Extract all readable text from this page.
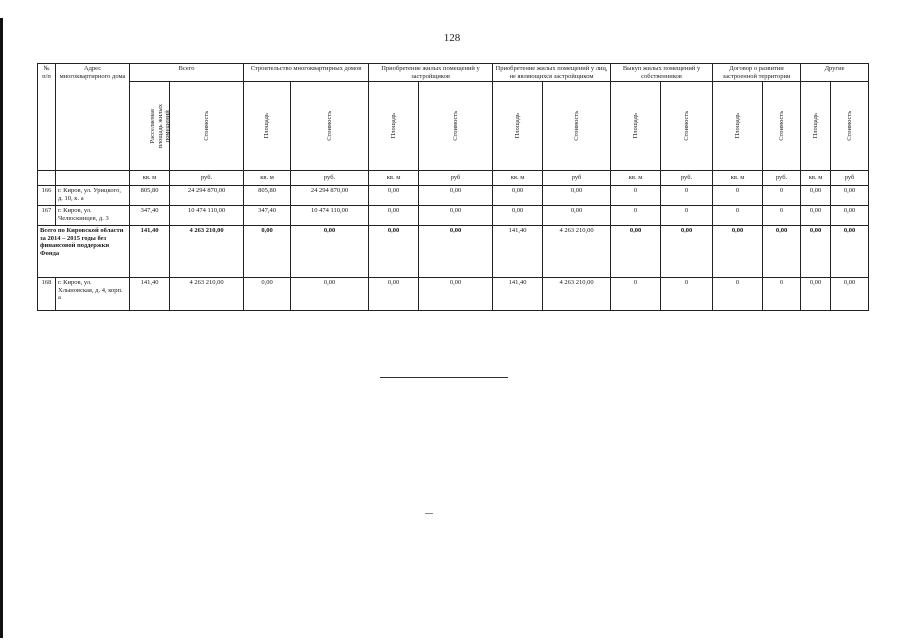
128
№ п/п	Адрес многоквартирного дома	Всего		Строительство многоквартирных домов		Приобретение жилых помещений у застройщиков		Приобретение жилых помещений у лиц, не являющихся застройщиком		Выкуп жилых помещений у собственников		Договор о развитии застроенной территории		Другие	
		Расселяемая площадь жилых помещений	Стоимость	Площадь	Стоимость	Площадь	Стоимость	Площадь	Стоимость	Площадь	Стоимость	Площадь	Стоимость	Площадь	Стоимость
		кв. м	руб.	кв. м	руб.	кв. м	руб	кв. м	руб	кв. м	руб.	кв. м	руб.	кв. м	руб
166	г. Киров, ул. Урицкого, д. 10, к. а	805,80	24 294 870,00	805,80	24 294 870,00	0,00	0,00	0,00	0,00	0	0	0	0	0,00	0,00
167	г. Киров, ул. Челюскинцев, д. 3	347,40	10 474 110,00	347,40	10 474 110,00	0,00	0,00	0,00	0,00	0	0	0	0	0,00	0,00
Всего по Кировской области за 2014 – 2015 годы без финансовой поддержки Фонда		141,40	4 263 210,00	0,00	0,00	0,00	0,00	141,40	4 263 210,00	0,00	0,00	0,00	0,00	0,00	0,00
168	г. Киров, ул. Хлыновская, д. 4, корп. а	141,40	4 263 210,00	0,00	0,00	0,00	0,00	141,40	4 263 210,00	0	0	0	0	0,00	0,00
